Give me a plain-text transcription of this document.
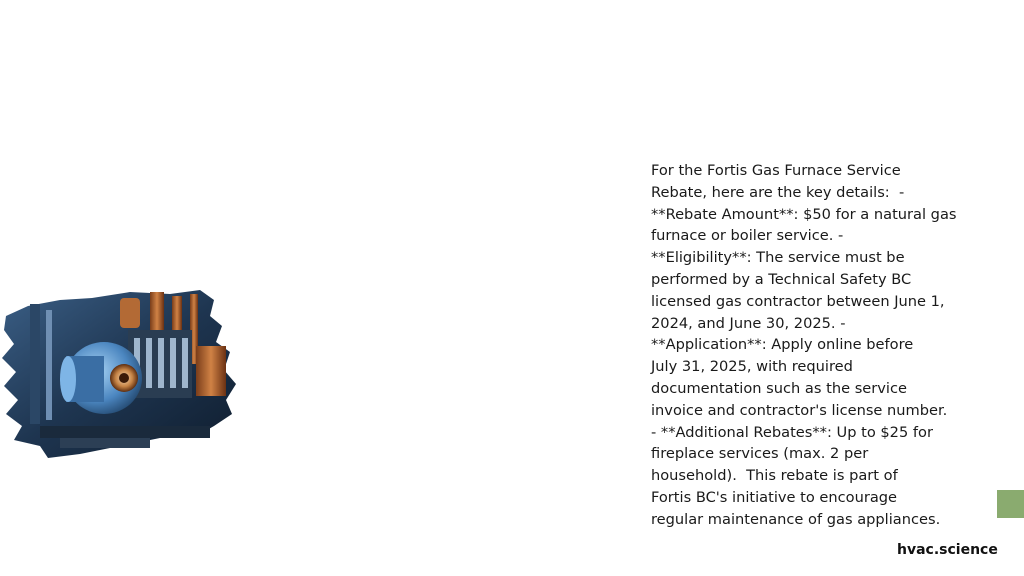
For the Fortis Gas Furnace Service
Rebate, here are the key details:  -
**Rebate Amount**: $50 for a natural gas
furnace or boiler service. -
**Eligibility**: The service must be
performed by a Technical Safety BC
licensed gas contractor between June 1,
2024, and June 30, 2025. -
**Application**: Apply online before
July 31, 2025, with required
documentation such as the service
invoice and contractor's license number.
- **Additional Rebates**: Up to $25 for
fireplace services (max. 2 per
household).  This rebate is part of
Fortis BC's initiative to encourage
regular maintenance of gas appliances.

hvac.science
